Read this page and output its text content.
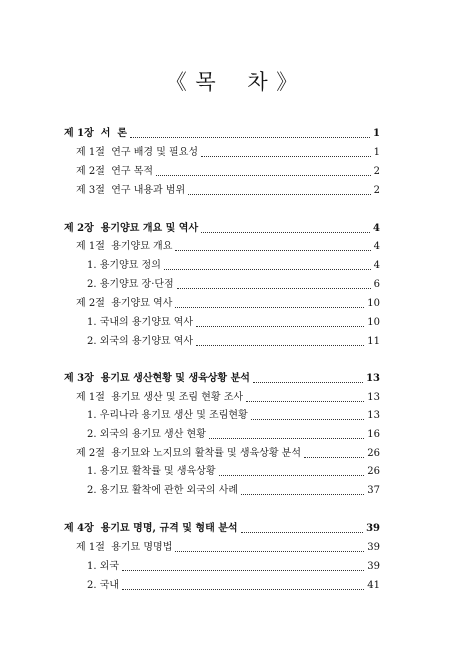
《 목    차 》
제 1장  서  론	1
제 1절  연구 배경 및 필요성	1
제 2절  연구 목적	2
제 3절  연구 내용과 범위	2
제 2장  용기양묘 개요 및 역사	4
제 1절  용기양묘 개요	4
1. 용기양묘 정의	4
2. 용기양묘 장·단점	6
제 2절  용기양묘 역사	10
1. 국내의 용기양묘 역사	10
2. 외국의 용기양묘 역사	11
제 3장  용기묘 생산현황 및 생육상황 분석	13
제 1절  용기묘 생산 및 조림 현황 조사	13
1. 우리나라 용기묘 생산 및 조림현황	13
2. 외국의 용기묘 생산 현황	16
제 2절  용기묘와 노지묘의 활착률 및 생육상황 분석	26
1. 용기묘 활착률 및 생육상황	26
2. 용기묘 활착에 관한 외국의 사례	37
제 4장  용기묘 명명, 규격 및 형태 분석	39
제 1절  용기묘 명명법	39
1. 외국	39
2. 국내	41
